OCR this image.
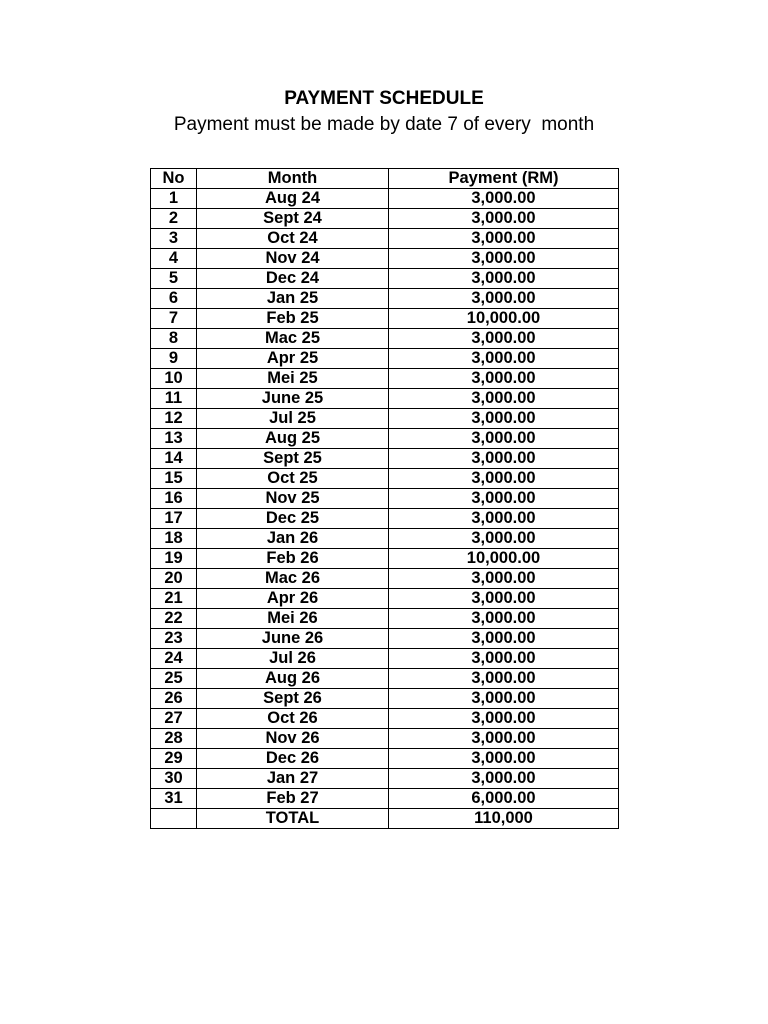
PAYMENT SCHEDULE
Payment must be made by date 7 of every  month
No	Month	Payment (RM)
1	Aug 24	3,000.00
2	Sept 24	3,000.00
3	Oct 24	3,000.00
4	Nov 24	3,000.00
5	Dec 24	3,000.00
6	Jan 25	3,000.00
7	Feb 25	10,000.00
8	Mac 25	3,000.00
9	Apr 25	3,000.00
10	Mei 25	3,000.00
11	June 25	3,000.00
12	Jul 25	3,000.00
13	Aug 25	3,000.00
14	Sept 25	3,000.00
15	Oct 25	3,000.00
16	Nov 25	3,000.00
17	Dec 25	3,000.00
18	Jan 26	3,000.00
19	Feb 26	10,000.00
20	Mac 26	3,000.00
21	Apr 26	3,000.00
22	Mei 26	3,000.00
23	June 26	3,000.00
24	Jul 26	3,000.00
25	Aug 26	3,000.00
26	Sept 26	3,000.00
27	Oct 26	3,000.00
28	Nov 26	3,000.00
29	Dec 26	3,000.00
30	Jan 27	3,000.00
31	Feb 27	6,000.00
	TOTAL	110,000
